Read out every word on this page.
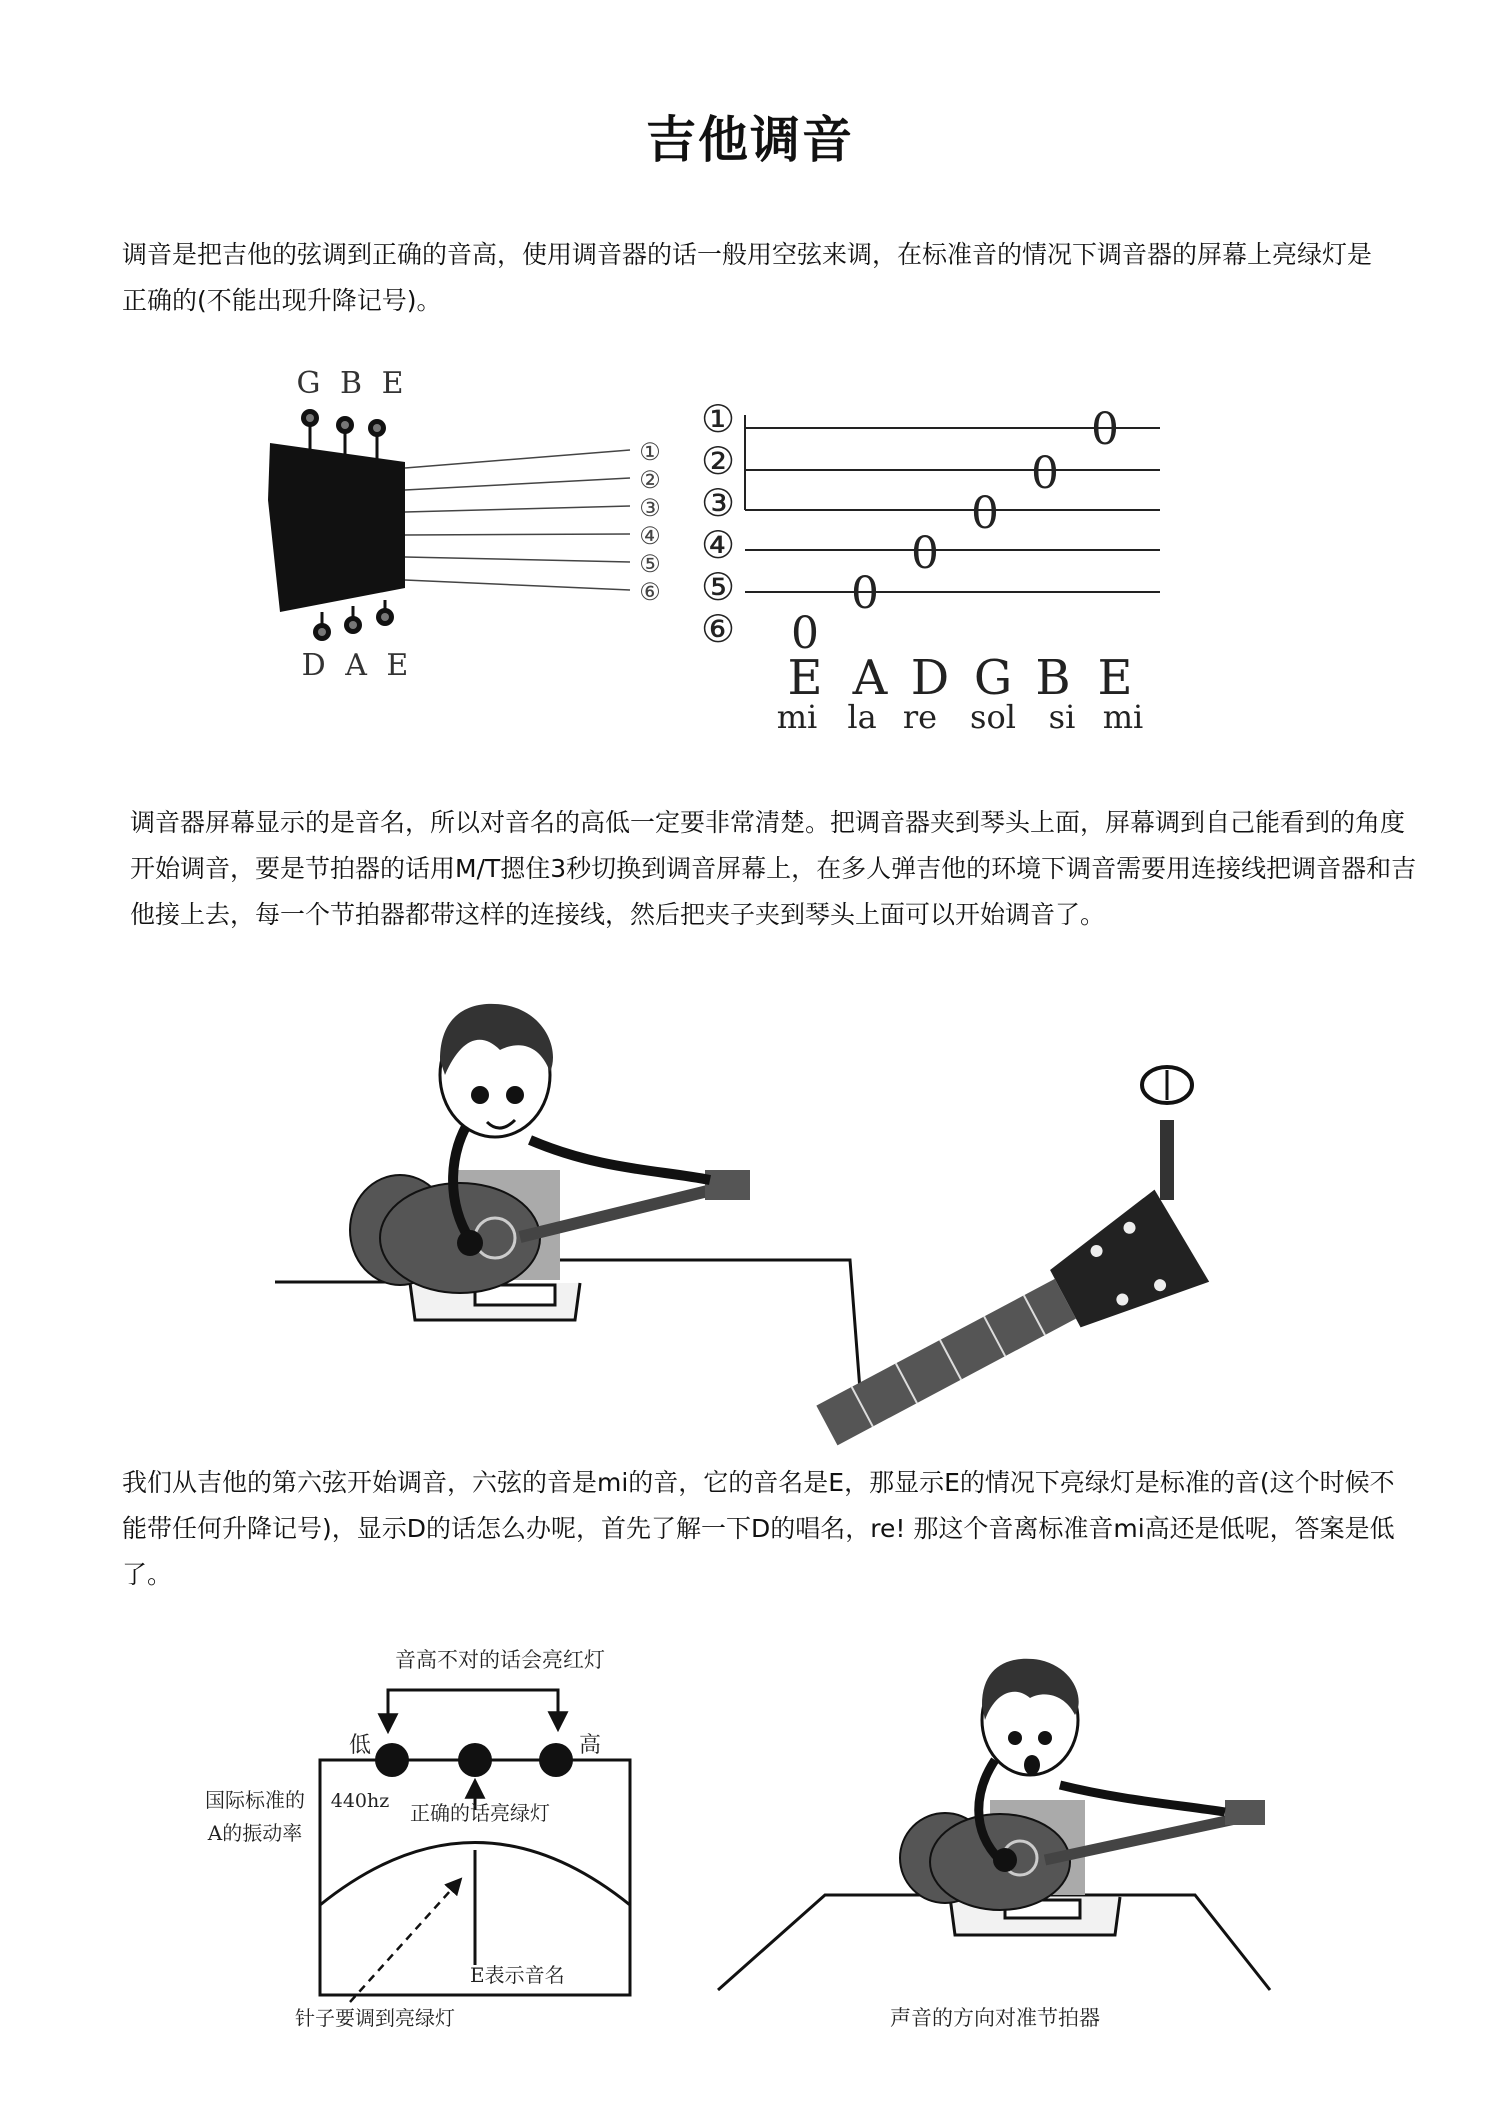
吉他调音

调音是把吉他的弦调到正确的音高，使用调音器的话一般用空弦来调，在标准音的情况下调音器的屏幕上亮绿灯是正确的(不能出现升降记号)。

调音器屏幕显示的是音名，所以对音名的高低一定要非常清楚。把调音器夹到琴头上面，屏幕调到自己能看到的角度开始调音，要是节拍器的话用M/T摁住3秒切换到调音屏幕上，在多人弹吉他的环境下调音需要用连接线把调音器和吉他接上去，每一个节拍器都带这样的连接线，然后把夹子夹到琴头上面可以开始调音了。

我们从吉他的第六弦开始调音，六弦的音是mi的音，它的音名是E，那显示E的情况下亮绿灯是标准的音(这个时候不能带任何升降记号)，显示D的话怎么办呢，首先了解一下D的唱名，re! 那这个音离标准音mi高还是低呢，答案是低了。

G B E
①
②
③
④
⑤
⑥
D A E
①
②
③
④
⑤
⑥ 0
0
0
0
0
0
E A D G B E
mi la re sol si mi
音高不对的话会亮红灯
低	高
正确的话亮绿灯
国际标准的
A的振动率
440hz
E表示音名
针子要调到亮绿灯	声音的方向对准节拍器
